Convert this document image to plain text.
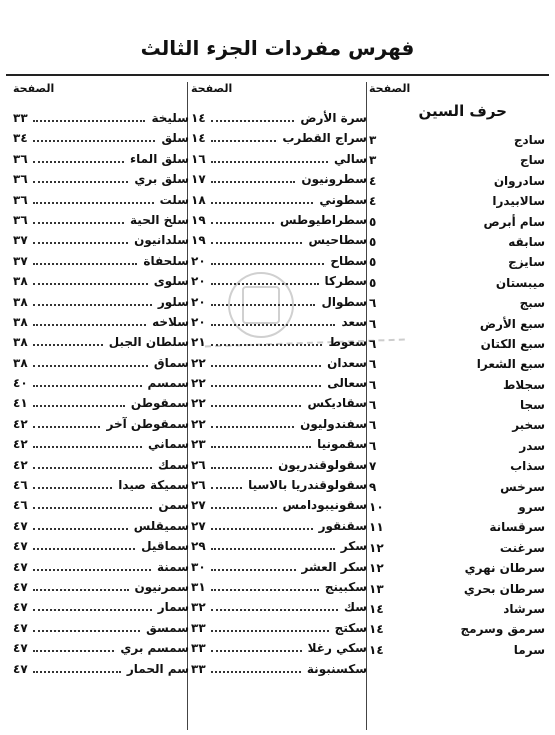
فهرس مفردات الجزء الثالث
الصفحة
حرف السين
سادج
٣
ساج
٣
سادروان
٤
سالابيدرا
٤
سام أبرص
٥
سابقه
٥
سايزج
٥
ميبستان
٥
سبج
٦
سبع الأرض
٦
سبع الكتان
٦
سبع الشعرا
٦
سجلاط
٦
سجا
٦
سخبر
٦
سدر
٦
سذاب
٧
سرخس
٩
سرو
١٠
سرقسانة
١١
سرغنت
١٢
سرطان نهري
١٢
سرطان بحري
١٣
سرشاد
١٤
سرمق وسرمج
١٤
سرما
١٤
الصفحة
سرة الأرض
١٤
سراج القطرب
١٤
سالي
١٦
سطرونيون
١٧
سطوني
١٨
سطراطيوطس
١٩
سطاحيس
١٩
سطاح
٢٠
سطركا
٢٠
سطوال
٢٠
سعد
٢٠
سعوط
٢١
سعدان
٢٢
سعالى
٢٢
سقاديكس
٢٢
سفندوليون
٢٢
سقمونيا
٢٣
سقولوقندريون
٢٦
سقولوقندريا بالاسيا
٢٦
سقونيبودامس
٢٧
سقنقور
٢٧
سكر
٢٩
سكر العشر
٣٠
سكبينج
٣١
سك
٣٢
سكتج
٣٣
سكي رغلا
٣٣
سكسنبونة
٣٣
الصفحة
سليخة
٣٣
سلق
٣٤
سلق الماء
٣٦
سلق بري
٣٦
سلت
٣٦
سلخ الحية
٣٦
سلدانيون
٣٧
سلحفاة
٣٧
سلوى
٣٨
سلور
٣٨
سلاخه
٣٨
سلطان الجبل
٣٨
سماق
٣٨
سمسم
٤٠
سمقوطن
٤١
سمقوطن آخر
٤٢
سماني
٤٢
سمك
٤٢
سميكة صيدا
٤٦
سمن
٤٦
سميقلس
٤٧
سماقيل
٤٧
سمنة
٤٧
سمرنيون
٤٧
سمار
٤٧
سمسق
٤٧
سمسم بري
٤٧
سم الحمار
٤٧
